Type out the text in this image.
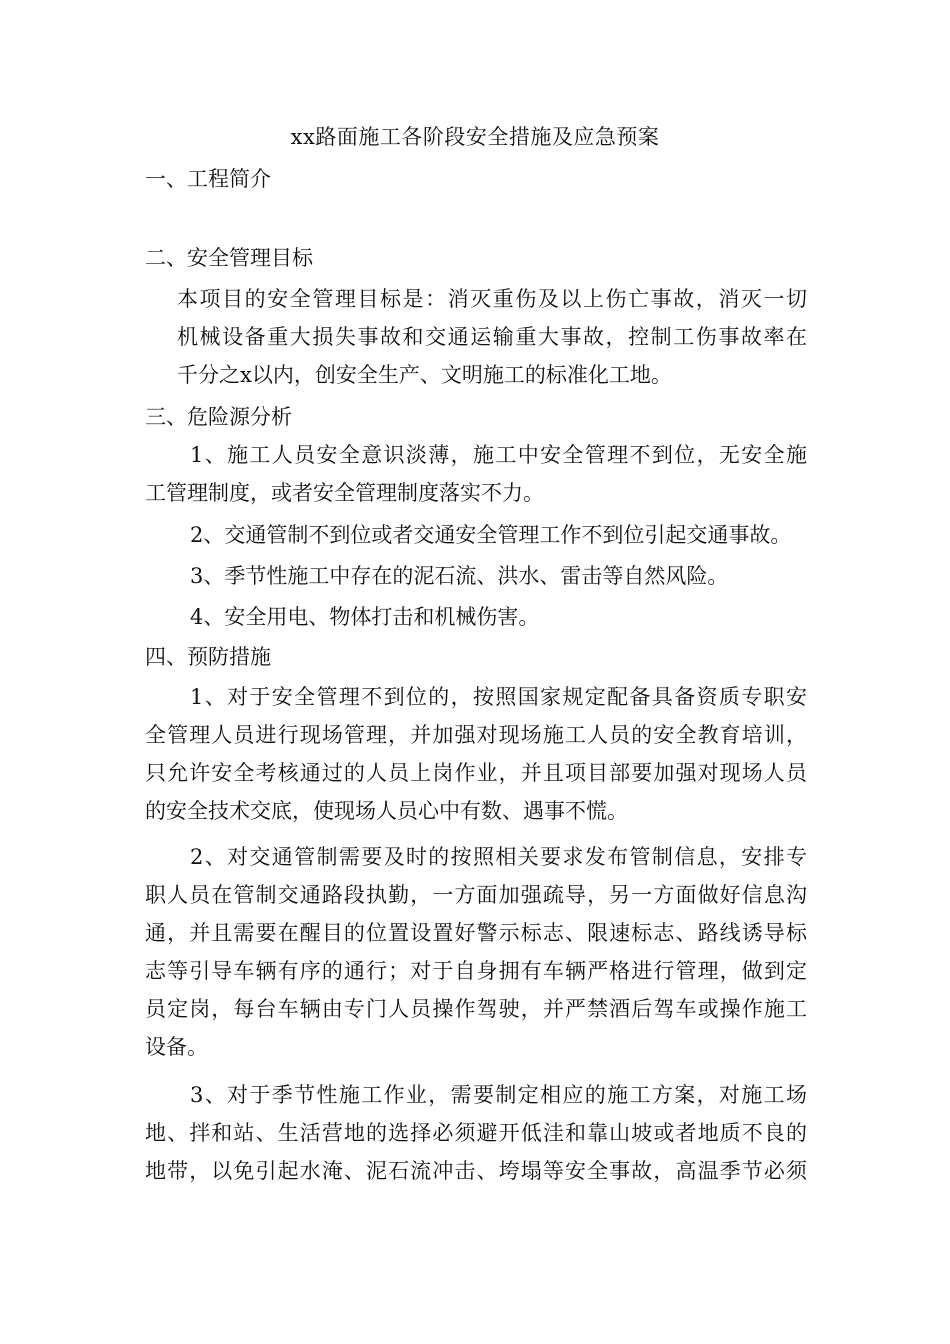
xx路面施工各阶段安全措施及应急预案
一、工程简介
二、安全管理目标
本项目的安全管理目标是：消灭重伤及以上伤亡事故，消灭一切
机械设备重大损失事故和交通运输重大事故，控制工伤事故率在
千分之x以内，创安全生产、文明施工的标准化工地。
三、危险源分析
1、施工人员安全意识淡薄，施工中安全管理不到位，无安全施
工管理制度，或者安全管理制度落实不力。
2、交通管制不到位或者交通安全管理工作不到位引起交通事故。
3、季节性施工中存在的泥石流、洪水、雷击等自然风险。
4、安全用电、物体打击和机械伤害。
四、预防措施
1、对于安全管理不到位的，按照国家规定配备具备资质专职安
全管理人员进行现场管理，并加强对现场施工人员的安全教育培训，
只允许安全考核通过的人员上岗作业，并且项目部要加强对现场人员
的安全技术交底，使现场人员心中有数、遇事不慌。
2、对交通管制需要及时的按照相关要求发布管制信息，安排专
职人员在管制交通路段执勤，一方面加强疏导，另一方面做好信息沟
通，并且需要在醒目的位置设置好警示标志、限速标志、路线诱导标
志等引导车辆有序的通行；对于自身拥有车辆严格进行管理，做到定
员定岗，每台车辆由专门人员操作驾驶，并严禁酒后驾车或操作施工
设备。
3、对于季节性施工作业，需要制定相应的施工方案，对施工场
地、拌和站、生活营地的选择必须避开低洼和靠山坡或者地质不良的
地带，以免引起水淹、泥石流冲击、垮塌等安全事故，高温季节必须
